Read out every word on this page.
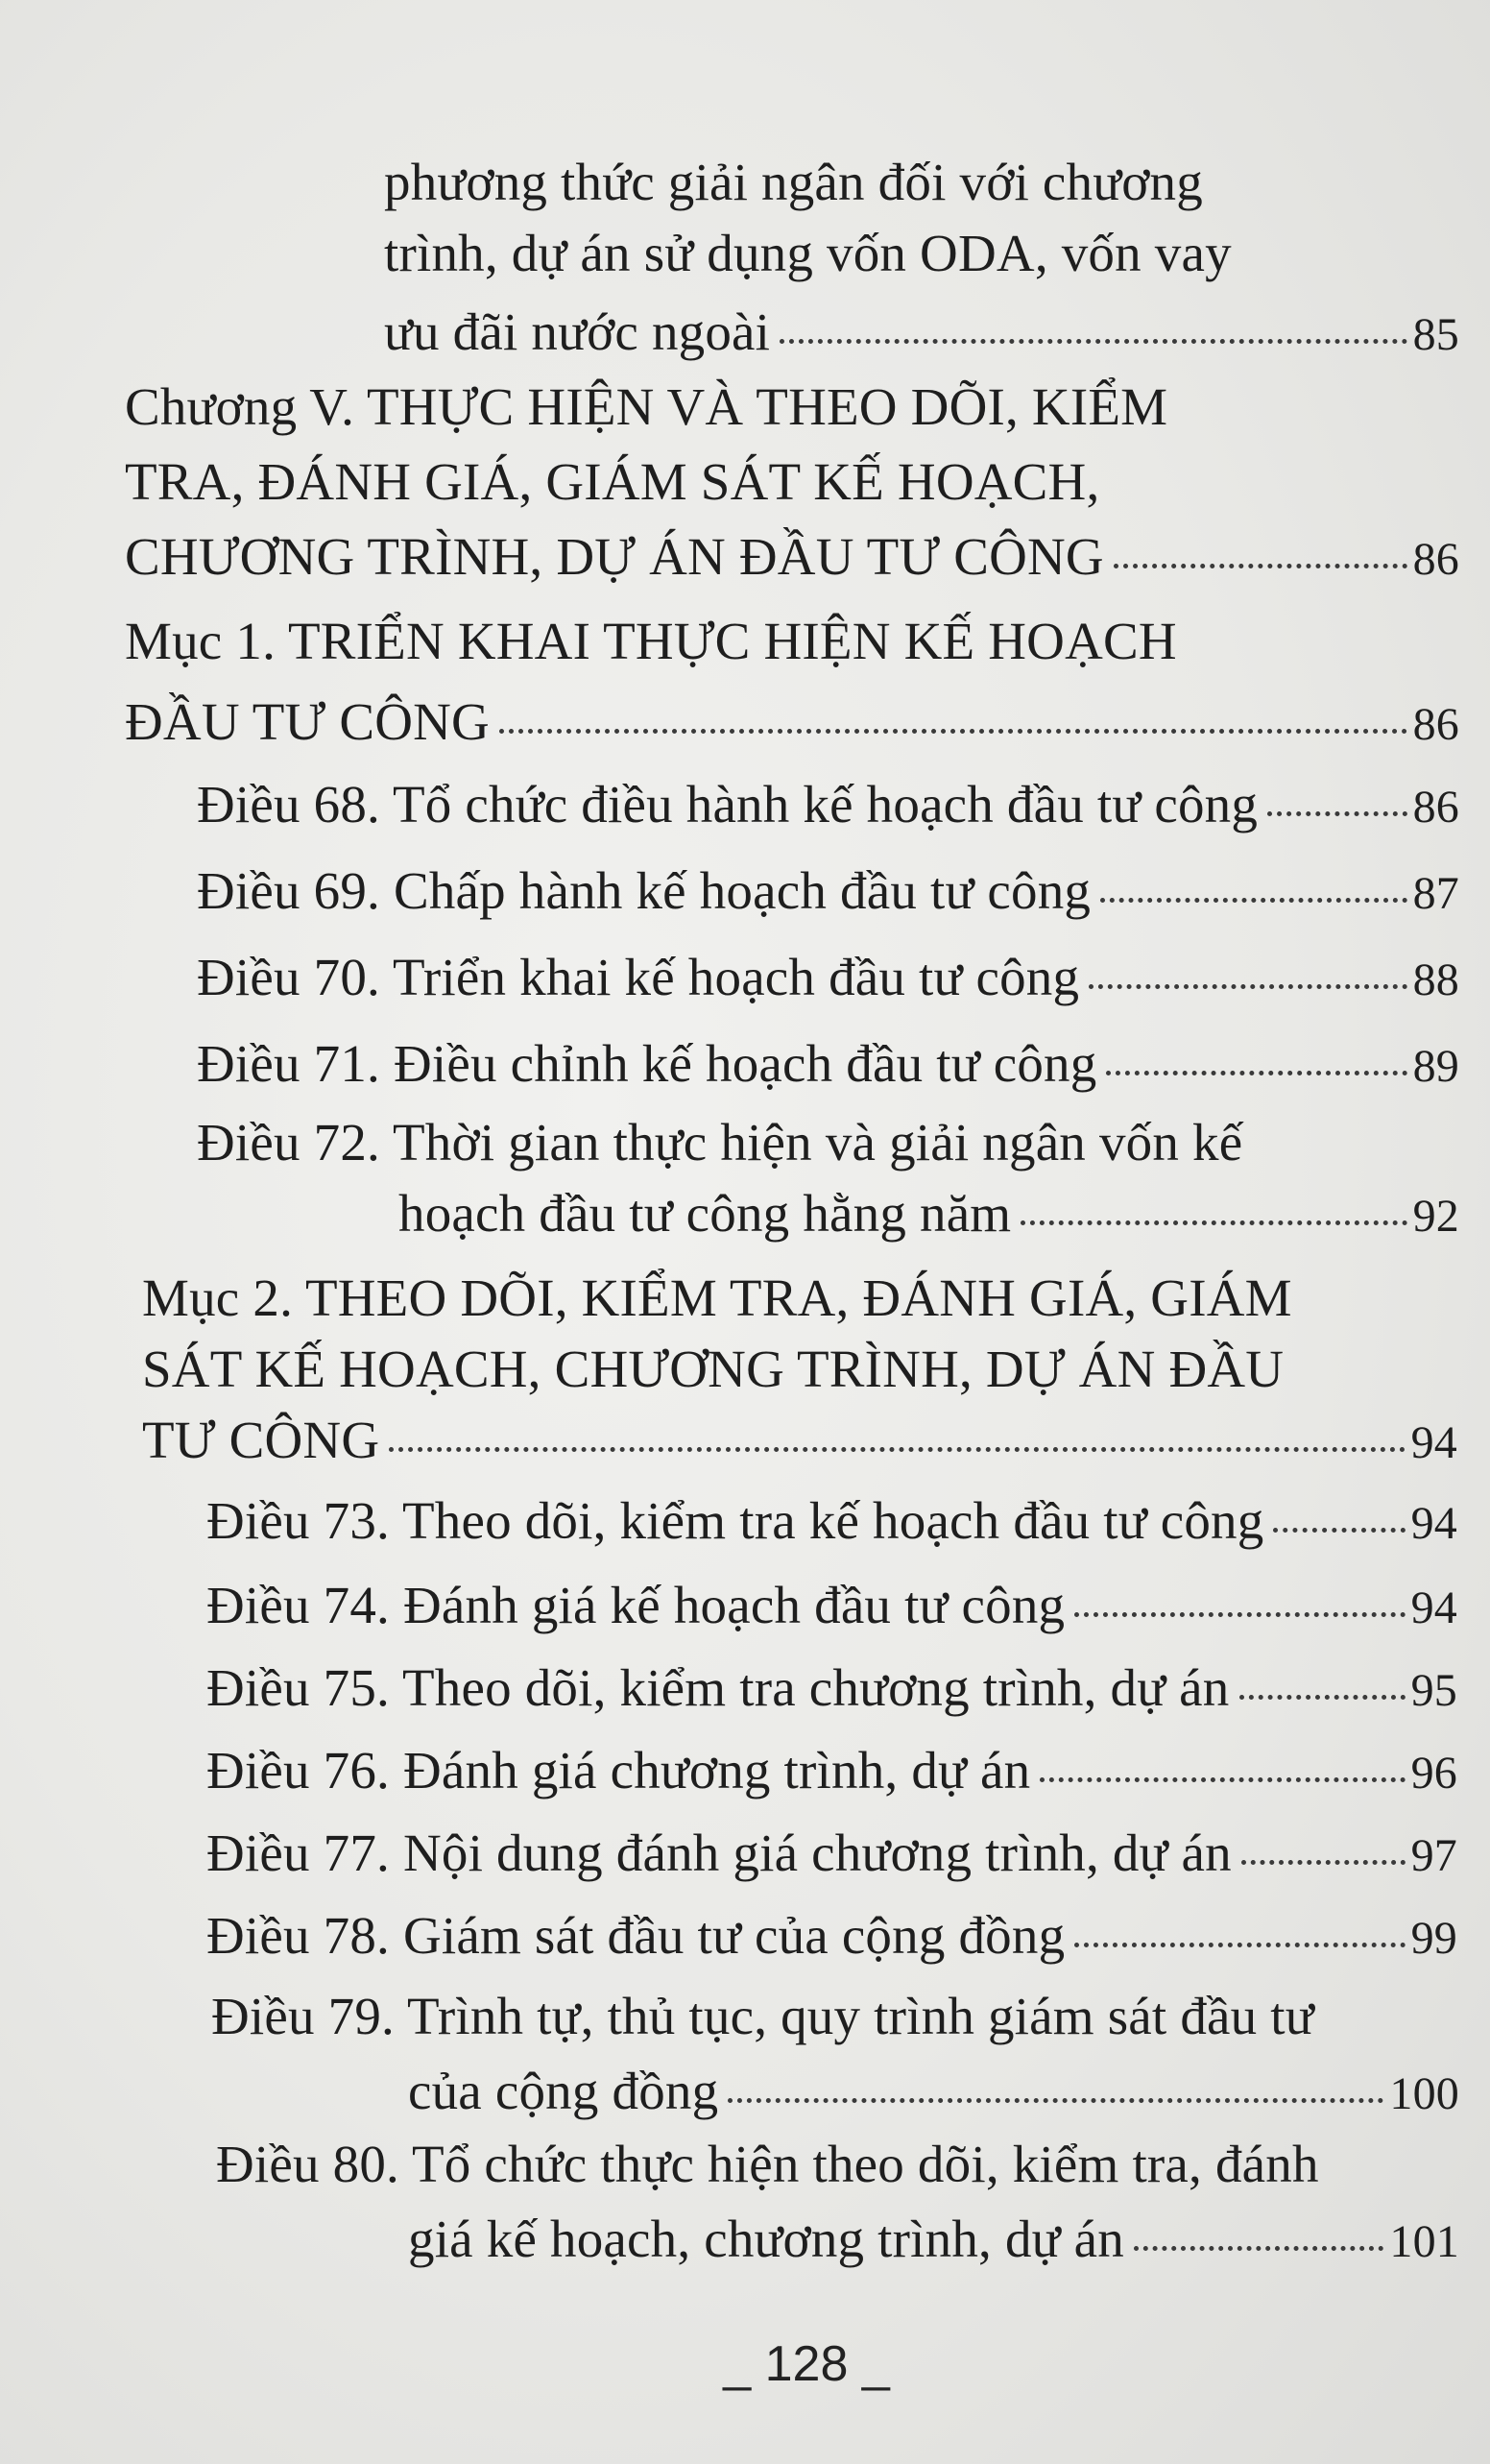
phương thức giải ngân đối với chương
trình, dự án sử dụng vốn ODA, vốn vay
ưu đãi nước ngoài	85
Chương V. THỰC HIỆN VÀ THEO DÕI, KIỂM
TRA, ĐÁNH GIÁ, GIÁM SÁT KẾ HOẠCH,
CHƯƠNG TRÌNH, DỰ ÁN ĐẦU TƯ CÔNG	86
Mục 1. TRIỂN KHAI THỰC HIỆN KẾ HOẠCH
ĐẦU TƯ CÔNG	86
Điều 68. Tổ chức điều hành kế hoạch đầu tư công	86
Điều 69. Chấp hành kế hoạch đầu tư công	87
Điều 70. Triển khai kế hoạch đầu tư công	88
Điều 71. Điều chỉnh kế hoạch đầu tư công	89
Điều 72. Thời gian thực hiện và giải ngân vốn kế
hoạch đầu tư công hằng năm	92
Mục 2. THEO DÕI, KIỂM TRA, ĐÁNH GIÁ, GIÁM
SÁT KẾ HOẠCH, CHƯƠNG TRÌNH, DỰ ÁN ĐẦU
TƯ CÔNG	94
Điều 73. Theo dõi, kiểm tra kế hoạch đầu tư công	94
Điều 74. Đánh giá kế hoạch đầu tư công	94
Điều 75. Theo dõi, kiểm tra chương trình, dự án	95
Điều 76. Đánh giá chương trình, dự án	96
Điều 77. Nội dung đánh giá chương trình, dự án	97
Điều 78. Giám sát đầu tư của cộng đồng	99
Điều 79. Trình tự, thủ tục, quy trình giám sát đầu tư
của cộng đồng	100
Điều 80. Tổ chức thực hiện theo dõi, kiểm tra, đánh
giá kế hoạch, chương trình, dự án	101
_ 128 _
